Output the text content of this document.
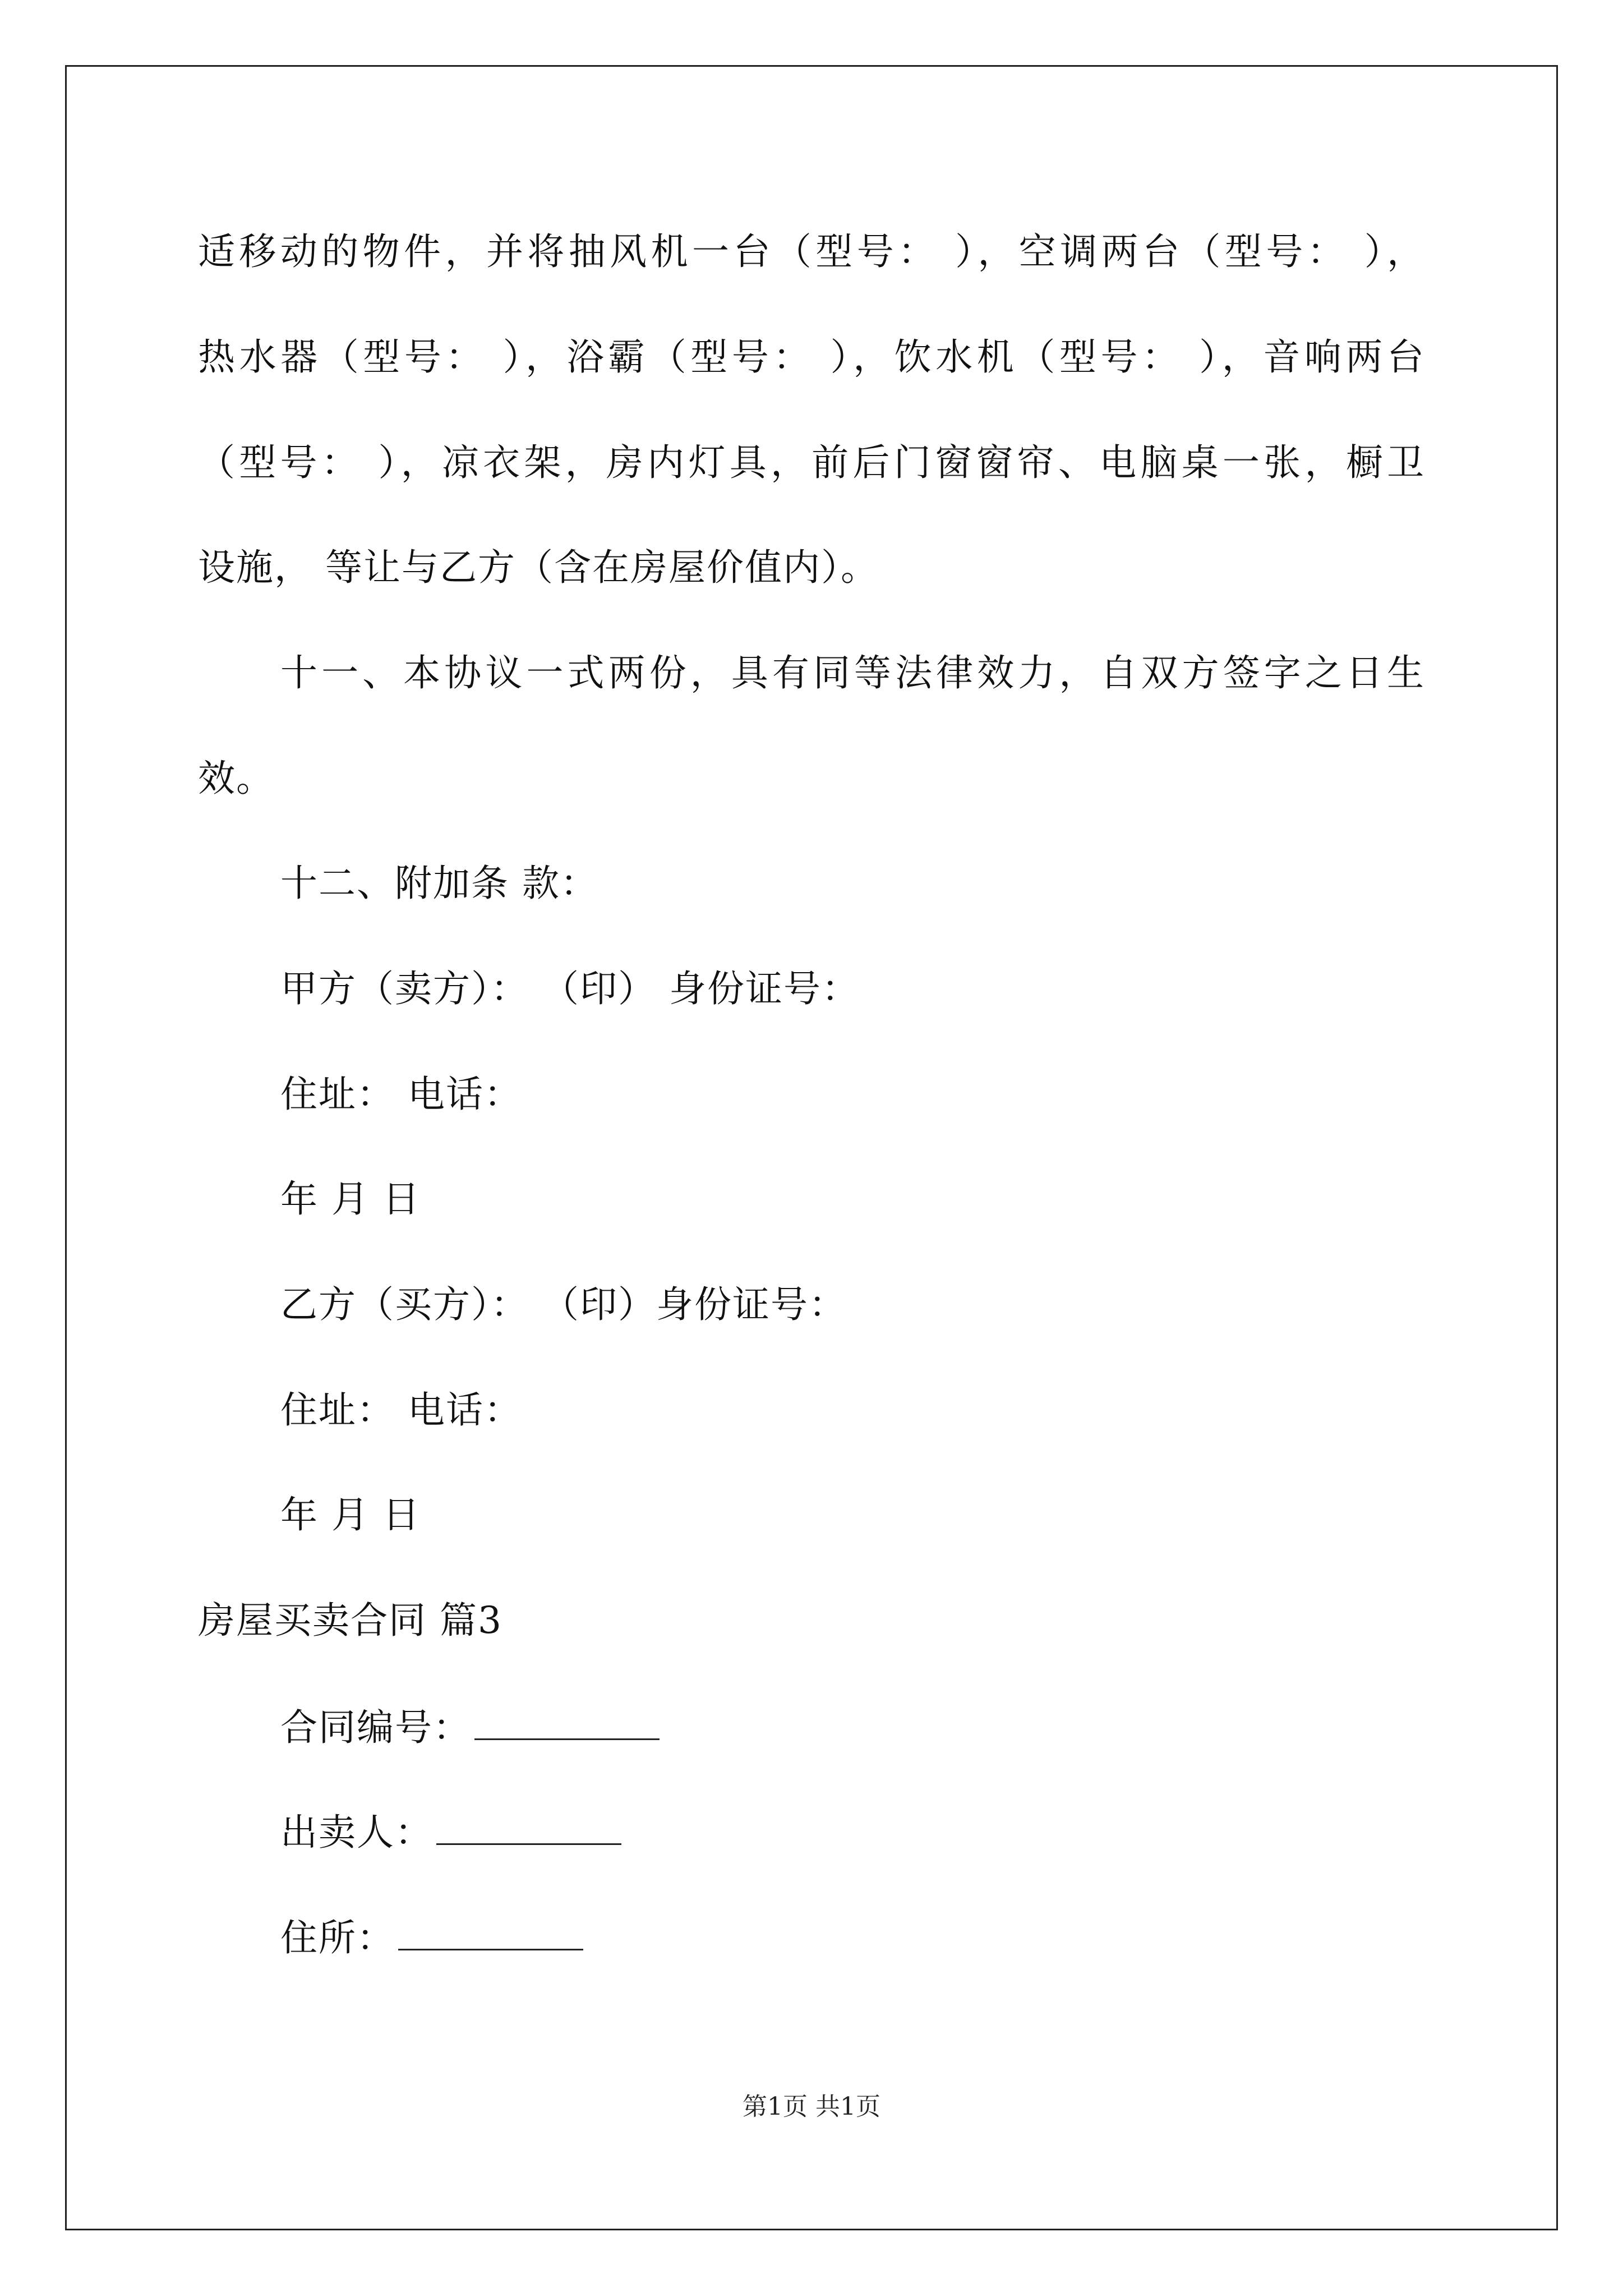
适移动的物件，并将抽风机一台（型号： ），空调两台（型号： ），
热水器（型号： ），浴霸（型号： ），饮水机（型号： ），音响两台
（型号： ），凉衣架，房内灯具，前后门窗窗帘、电脑桌一张，橱卫
设施， 等让与乙方（含在房屋价值内）。
十一、本协议一式两份，具有同等法律效力，自双方签字之日生
效。
十二、附加条 款：
甲方（卖方）： （印） 身份证号：
住址： 电话：
年 月 日
乙方（买方）： （印）身份证号：
住址： 电话：
年 月 日
房屋买卖合同 篇3
合同编号：
出卖人：
住所：
第1页 共1页
